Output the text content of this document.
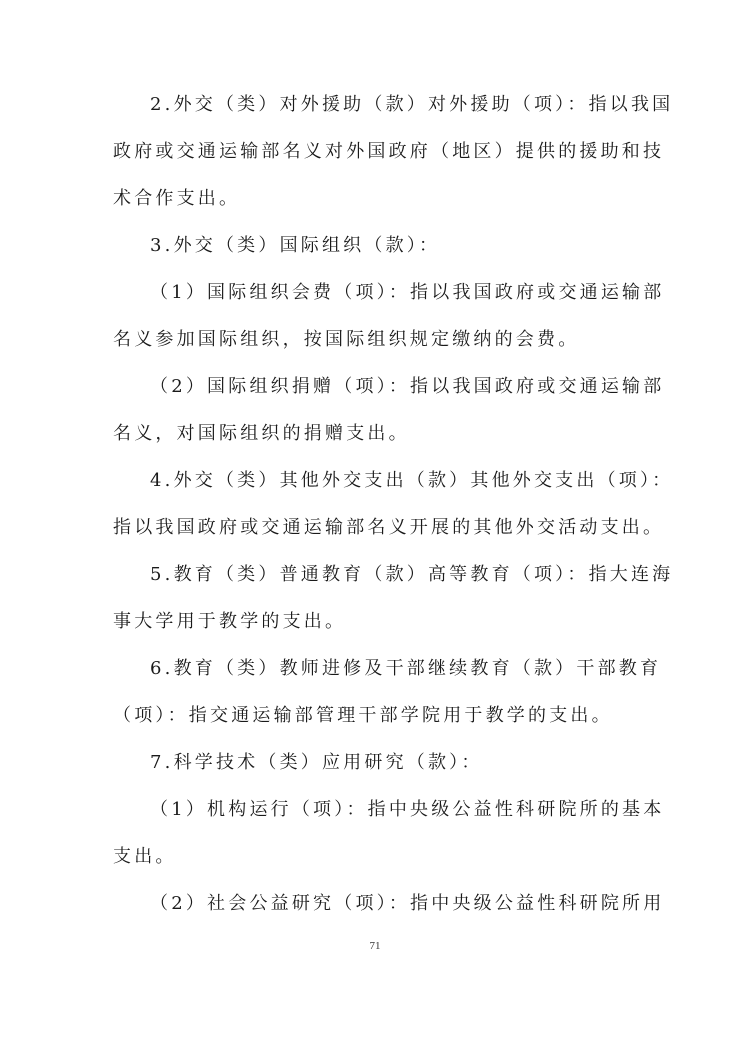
2.外交（类）对外援助（款）对外援助（项）：指以我国
政府或交通运输部名义对外国政府（地区）提供的援助和技
术合作支出。
3.外交（类）国际组织（款）：
（1）国际组织会费（项）：指以我国政府或交通运输部
名义参加国际组织，按国际组织规定缴纳的会费。
（2）国际组织捐赠（项）：指以我国政府或交通运输部
名义，对国际组织的捐赠支出。
4.外交（类）其他外交支出（款）其他外交支出（项）：
指以我国政府或交通运输部名义开展的其他外交活动支出。
5.教育（类）普通教育（款）高等教育（项）：指大连海
事大学用于教学的支出。
6.教育（类）教师进修及干部继续教育（款）干部教育
（项）：指交通运输部管理干部学院用于教学的支出。
7.科学技术（类）应用研究（款）：
（1）机构运行（项）：指中央级公益性科研院所的基本
支出。
（2）社会公益研究（项）：指中央级公益性科研院所用
71
